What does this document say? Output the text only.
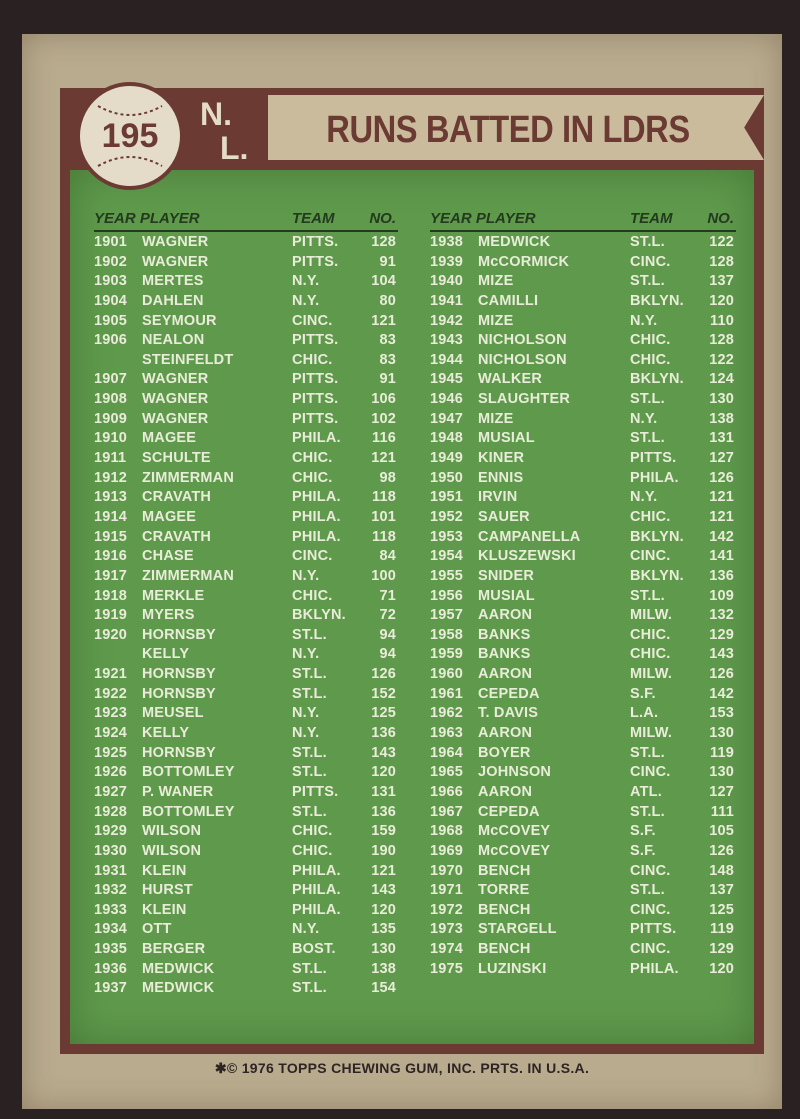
RUNS BATTED IN LDRS
195
N.
L.
YEAR PLAYER	TEAM NO.
1901 WAGNER	PITTS. 128
1902 WAGNER	PITTS.	91
1903 MERTES	N.Y.	104
1904 DAHLEN	N.Y.	80
1905 SEYMOUR	CINC.	121
1906 NEALON	PITTS.	83
STEINFELDT	CHIC.	83
1907 WAGNER	PITTS.	91
1908 WAGNER	PITTS. 106
1909 WAGNER	PITTS. 102
1910 MAGEE	PHILA. 116
1911 SCHULTE	CHIC.	121
1912 ZIMMERMAN	CHIC.	98
1913 CRAVATH	PHILA. 118
1914 MAGEE	PHILA. 101
1915 CRAVATH	PHILA. 118
1916 CHASE	CINC.	84
1917 ZIMMERMAN	N.Y.	100
1918 MERKLE	CHIC.	71
1919 MYERS	BKLYN. 72
1920 HORNSBY	ST.L.	94
KELLY	N.Y.	94
1921 HORNSBY	ST.L.	126
1922 HORNSBY	ST.L.	152
1923 MEUSEL	N.Y.	125
1924 KELLY	N.Y.	136
1925 HORNSBY	ST.L.	143
1926 BOTTOMLEY	ST.L.	120
1927 P. WANER	PITTS. 131
1928 BOTTOMLEY	ST.L.	136
1929 WILSON	CHIC.	159
1930 WILSON	CHIC.	190
1931 KLEIN	PHILA. 121
1932 HURST	PHILA. 143
1933 KLEIN	PHILA. 120
1934 OTT	N.Y.	135
1935 BERGER	BOST. 130
1936 MEDWICK	ST.L.	138
1937 MEDWICK	ST.L.	154
YEAR PLAYER	TEAM NO.
1938 MEDWICK	ST.L.	122
1939 McCORMICK	CINC.	128
1940 MIZE	ST.L.	137
1941 CAMILLI	BKLYN. 120
1942 MIZE	N.Y.	110
1943 NICHOLSON	CHIC.	128
1944 NICHOLSON	CHIC.	122
1945 WALKER	BKLYN. 124
1946 SLAUGHTER	ST.L.	130
1947 MIZE	N.Y.	138
1948 MUSIAL	ST.L.	131
1949 KINER	PITTS. 127
1950 ENNIS	PHILA. 126
1951 IRVIN	N.Y.	121
1952 SAUER	CHIC.	121
1953 CAMPANELLA	BKLYN. 142
1954 KLUSZEWSKI	CINC.	141
1955 SNIDER	BKLYN. 136
1956 MUSIAL	ST.L.	109
1957 AARON	MILW.	132
1958 BANKS	CHIC.	129
1959 BANKS	CHIC.	143
1960 AARON	MILW.	126
1961 CEPEDA	S.F.	142
1962 T. DAVIS	L.A.	153
1963 AARON	MILW.	130
1964 BOYER	ST.L.	119
1965 JOHNSON	CINC.	130
1966 AARON	ATL.	127
1967 CEPEDA	ST.L.	111
1968 McCOVEY	S.F.	105
1969 McCOVEY	S.F.	126
1970 BENCH	CINC.	148
1971 TORRE	ST.L.	137
1972 BENCH	CINC.	125
1973 STARGELL	PITTS. 119
1974 BENCH	CINC.	129
1975 LUZINSKI	PHILA. 120
✱© 1976 TOPPS CHEWING GUM, INC. PRTS. IN U.S.A.
